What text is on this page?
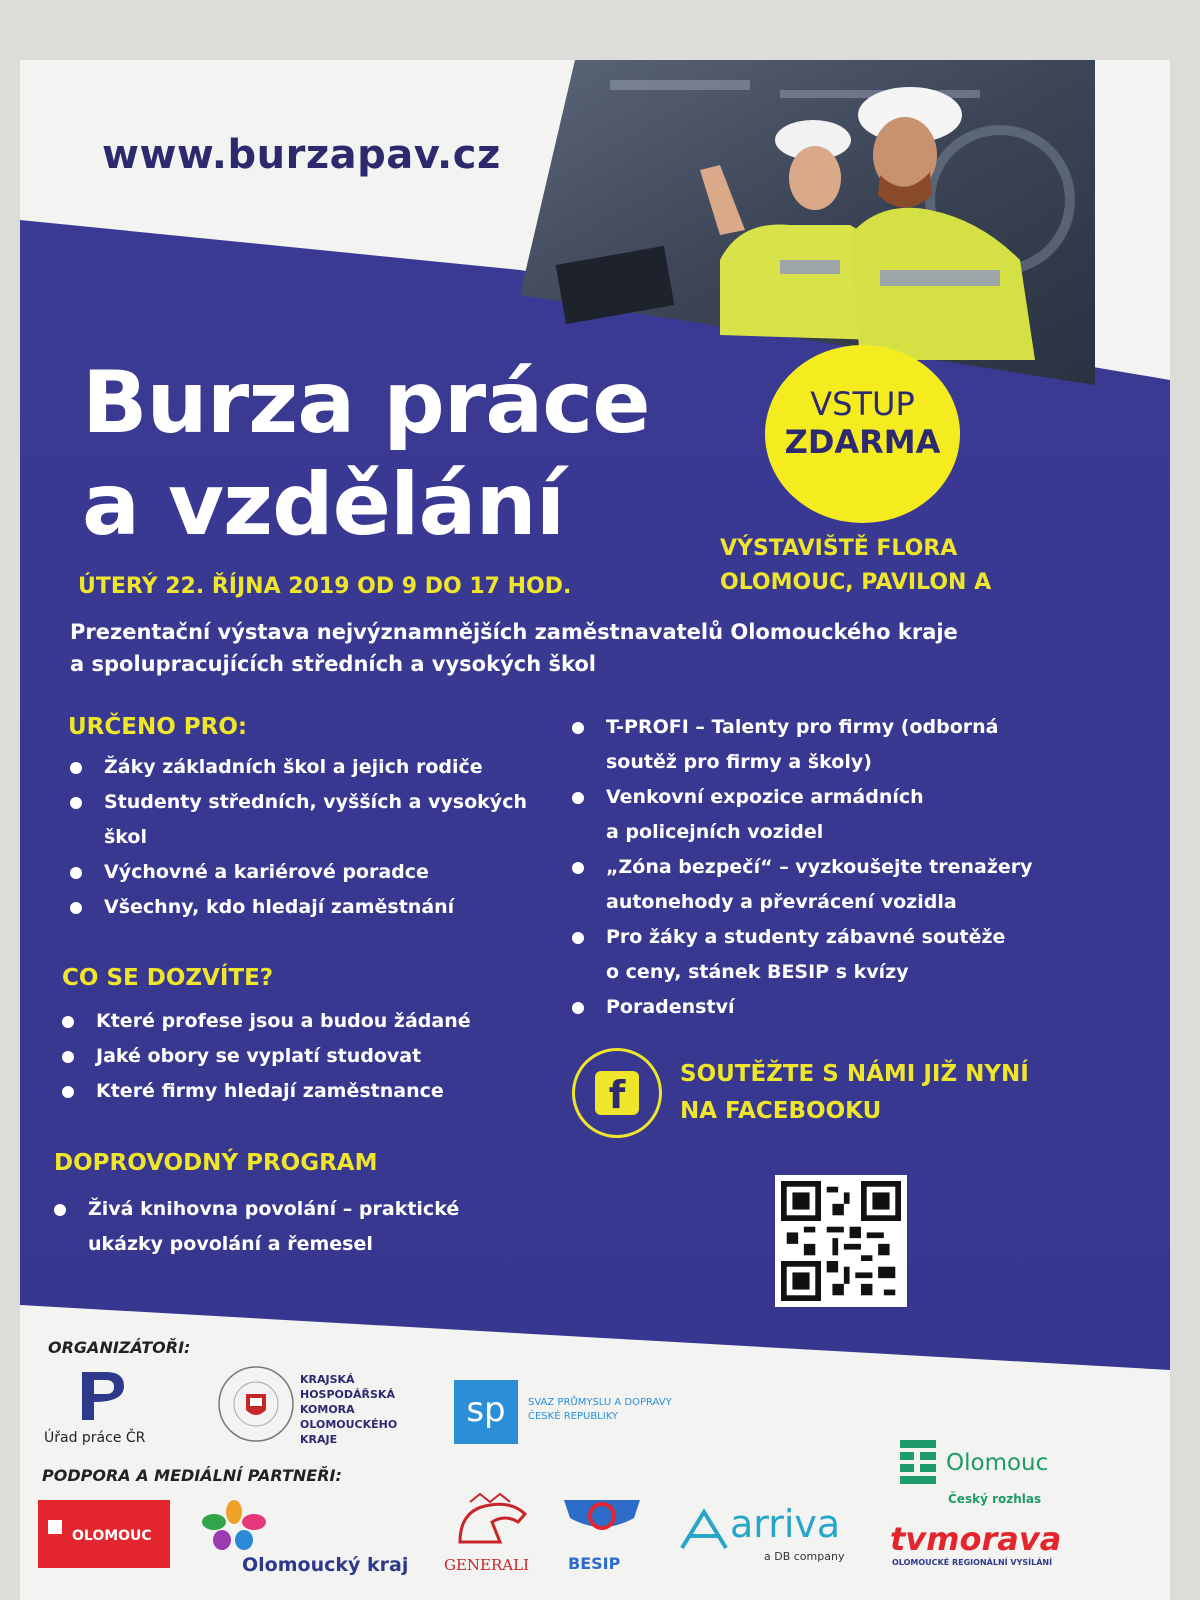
www.burzapav.cz
VSTUP
ZDARMA
Burza práce
a vzdělání
ÚTERÝ 22. ŘÍJNA 2019 OD 9 DO 17 HOD.
VÝSTAVIŠTĚ FLORA
OLOMOUC, PAVILON A
Prezentační výstava nejvýznamnějších zaměstnavatelů Olomouckého kraje
a spolupracujících středních a vysokých škol
URČENO PRO:
Žáky základních škol a jejich rodiče
Studenty středních, vyšších a vysokých
škol
Výchovné a kariérové poradce
Všechny, kdo hledají zaměstnání
CO SE DOZVÍTE?
Které profese jsou a budou žádané
Jaké obory se vyplatí studovat
Které firmy hledají zaměstnance
DOPROVODNÝ PROGRAM
Živá knihovna povolání – praktické
ukázky povolání a řemesel
T-PROFI – Talenty pro firmy (odborná
soutěž pro firmy a školy)
Venkovní expozice armádních
a policejních vozidel
„Zóna bezpečí“ – vyzkoušejte trenažery
autonehody a převrácení vozidla
Pro žáky a studenty zábavné soutěže
o ceny, stánek BESIP s kvízy
Poradenství
f	SOUTĚŽTE S NÁMI JIŽ NYNÍ
NA FACEBOOKU
ORGANIZÁTOŘI:
Úřad práce ČR
KRAJSKÁ
HOSPODÁŘSKÁ
KOMORA
OLOMOUCKÉHO
KRAJE
sp	SVAZ PRŮMYSLU A DOPRAVY
ČESKÉ REPUBLIKY
Olomouc
Český rozhlas
PODPORA A MEDIÁLNÍ PARTNEŘI:
OLOMOUC
Olomoucký kraj GENERALI BESIP
arriva
a DB company tvmorava
OLOMOUCKÉ REGIONÁLNÍ VYSÍLÁNÍ
